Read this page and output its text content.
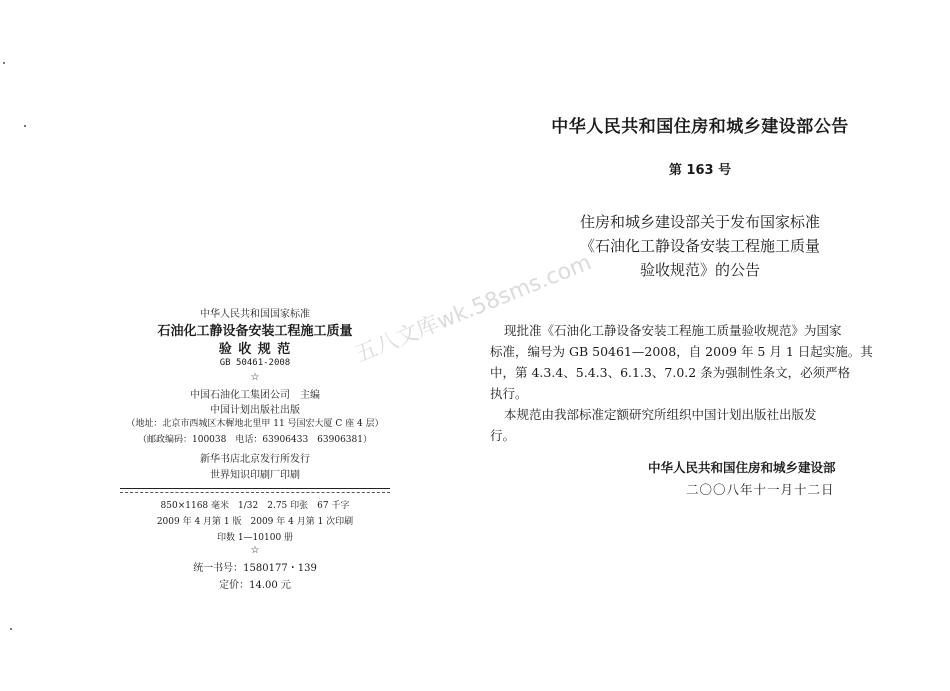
中华人民共和国国家标准
石油化工静设备安装工程施工质量
验 收 规 范
GB 50461-2008
☆
中国石油化工集团公司　主编
中国计划出版社出版
（地址：北京市西城区木樨地北里甲 11 号国宏大厦 C 座 4 层）
（邮政编码：100038　电话：63906433　63906381）
新华书店北京发行所发行
世界知识印刷厂印刷
850×1168 毫米　1/32　2.75 印张　67 千字
2009 年 4 月第 1 版　2009 年 4 月第 1 次印刷
印数 1—10100 册
☆
统一书号：1580177・139
定价：14.00 元
中华人民共和国住房和城乡建设部公告
第 163 号
住房和城乡建设部关于发布国家标准
《石油化工静设备安装工程施工质量
验收规范》的公告
现批准《石油化工静设备安装工程施工质量验收规范》为国家
标准，编号为 GB 50461—2008，自 2009 年 5 月 1 日起实施。其
中，第 4.3.4、5.4.3、6.1.3、7.0.2 条为强制性条文，必须严格
执行。
本规范由我部标准定额研究所组织中国计划出版社出版发
行。
中华人民共和国住房和城乡建设部
二〇〇八年十一月十二日
五八文库wk.58sms.com
